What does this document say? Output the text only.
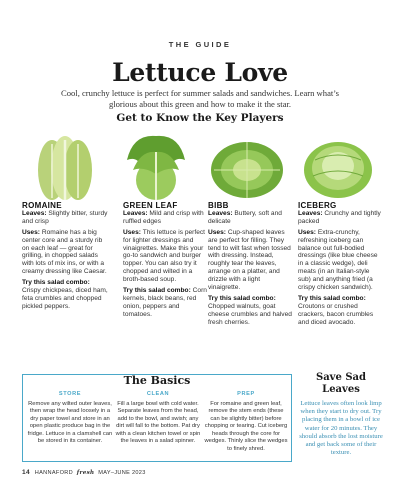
THE GUIDE
Lettuce Love
Cool, crunchy lettuce is perfect for summer salads and sandwiches. Learn what’s glorious about this green and how to make it the star.
Get to Know the Key Players
ROMAINE
Leaves: Slightly bitter, sturdy and crisp

Uses: Romaine has a big center core and a sturdy rib on each leaf — great for grilling, in chopped salads with lots of mix ins, or with a creamy dressing like Caesar.

Try this salad combo: Crispy chickpeas, diced ham, feta crumbles and chopped pickled peppers.

GREEN LEAF
Leaves: Mild and crisp with ruffled edges

Uses: This lettuce is perfect for lighter dressings and vinaigrettes. Make this your go-to sandwich and burger topper. You can also try it chopped and wilted in a broth-based soup.

Try this salad combo: Corn kernels, black beans, red onion, peppers and tomatoes.

BIBB
Leaves: Buttery, soft and delicate

Uses: Cup-shaped leaves are perfect for filling. They tend to wilt fast when tossed with dressing. Instead, roughly tear the leaves, arrange on a platter, and drizzle with a light vinaigrette.

Try this salad combo: Chopped walnuts, goat cheese crumbles and halved fresh cherries.

ICEBERG
Leaves: Crunchy and tightly packed

Uses: Extra-crunchy, refreshing iceberg can balance out full-bodied dressings (like blue cheese in a classic wedge), deli meats (in an Italian-style sub) and anything fried (a crispy chicken sandwich).

Try this salad combo: Croutons or crushed crackers, bacon crumbles and diced avocado.

The Basics
STORE
Remove any wilted outer leaves, then wrap the head loosely in a dry paper towel and store in an open plastic produce bag in the fridge. Lettuce in a clamshell can be stored in its container.
CLEAN
Fill a large bowl with cold water. Separate leaves from the head, add to the bowl, and swish; any dirt will fall to the bottom. Pat dry with a clean kitchen towel or spin the leaves in a salad spinner.
PREP
For romaine and green leaf, remove the stem ends (these can be slightly bitter) before chopping or tearing. Cut iceberg heads through the core for wedges. Thinly slice the wedges to finely shred.
Save Sad Leaves
Lettuce leaves often look limp when they start to dry out. Try placing them in a bowl of ice water for 20 minutes. They should absorb the lost moisture and get back some of their texture.
14 HANNAFORD fresh MAY–JUNE 2023
